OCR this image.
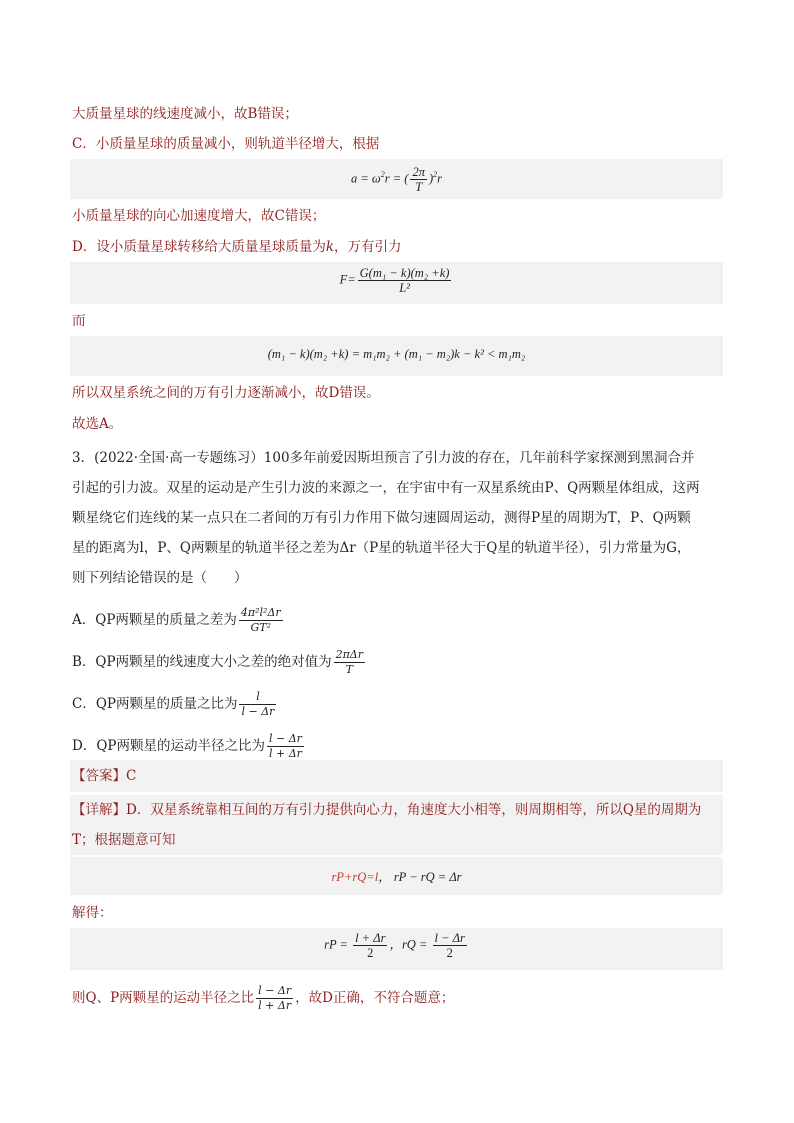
大质量星球的线速度减小，故B错误；
C．小质量星球的质量减小，则轨道半径增大，根据
$a = \omega^2r$ = ( $\frac{2\pi}{T} )^2r$
小质量星球的向心加速度增大，故C错误；
D．设小质量星球转移给大质量星球质量为k，万有引力
$F= \frac{\text{G(m₁ − k)(m₂ +k)}}{\text{L²}}$
而
(m₁ − k)(m₂ +k) = m₁m₂ + (m₁ − m₂)k − k² < m₁m₂
所以双星系统之间的万有引力逐渐减小，故D错误。
故选A。
3．(2022·全国·高一专题练习）100多年前爱因斯坦预言了引力波的存在，几年前科学家探测到黑洞合并
引起的引力波。双星的运动是产生引力波的来源之一，在宇宙中有一双星系统由P、Q两颗星体组成，这两
颗星绕它们连线的某一点只在二者间的万有引力作用下做匀速圆周运动，测得P星的周期为T，P、Q两颗
星的距离为l，P、Q两颗星的轨道半径之差为Δr（P星的轨道半径大于Q星的轨道半径），引力常量为G，
则下列结论错误的是（　　）
A．QP两颗星的质量之差为 $\frac{\text{4π²l²Δr}}{\text{GT²}}$
B．QP两颗星的线速度大小之差的绝对值为 $\frac{\text{2πΔr}}{T}$
C．QP两颗星的质量之比为 $\frac{l}{l - \Delta r}$
D．QP两颗星的运动半径之比为 $\frac{l - \Delta r}{l + \Delta r}$
【答案】C
【详解】D．双星系统靠相互间的万有引力提供向心力，角速度大小相等，则周期相等，所以Q星的周期为
T；根据题意可知
rP+rQ=l， rP − rQ = Δr
解得：
rP = $\frac{l + \Delta r}{2}$ ，rQ = $\frac{l - \Delta r}{2}$
则Q、P两颗星的运动半径之比 $\frac{l - \Delta r}{l + \Delta r}$ ，故D正确，不符合题意；
